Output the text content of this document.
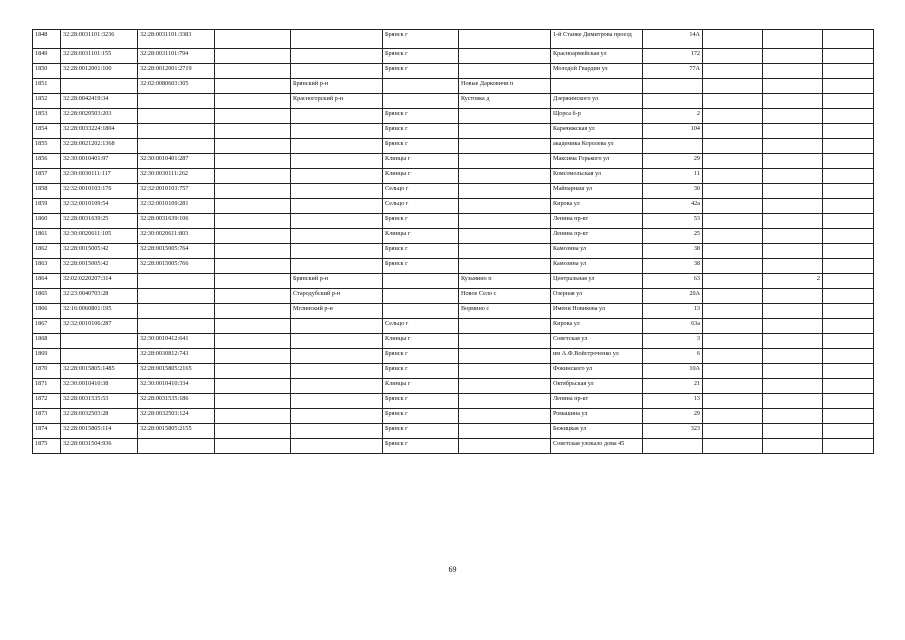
1848	32:28:0031101:3236	32:28:0031101:3383			Брянск г		1-й Станке Димитрова проезд	14А			
1849	32:28:0031101:155	32:28:0031101:794			Брянск г		Красноармейская ул	172			
1850	32:28:0012001:100	32:28:0012001:2719			Брянск г		Молодой Гвардии ул	77А			
1851		32:02:0080603:305		Брянский р-н		Новые Дарковичи п					
1852	32:28:0042419:34			Красногорский р-н		Кустовка д	Дзержинского ул				
1853	32:28:0020503:203				Брянск г		Щорса б-р	2			
1854	32:28:0033224:1804				Брянск г		Карачижская ул	104			
1855	32:28:0021202:1368				Брянск г		академика Королева ул				
1856	32:30:0010401:97	32:30:0010401:287			Клинцы г		Максима Горького ул	29			
1857	32:30:0030111:117	32:30:0030111:262			Клинцы г		Комсомольская ул	11			
1858	32:32:0010103:176	32:32:0010103:757			Сельцо г		Майпарнаш ул	30			
1859	32:32:0010109:54	32:32:0010109:281			Сельцо г		Кирова ул	42а			
1860	32:28:0031639:25	32:28:0031639:106			Брянск г		Ленина пр-кт	53			
1861	32:30:0020611:105	32:30:0020611:803			Клинцы г		Ленина пр-кт	25			
1862	32:28:0015005:42	32:28:0015005:764			Брянск г		Камозина ул	38			
1863	32:28:0015005:42	32:28:0015005:766			Брянск г		Камозина ул	38			
1864	32:02:0220207:314			Брянский р-н		Кузьмино п	Центральная ул	63		2	
1865	32:23:0040703:28			Стародубский р-н		Новое Село с	Озерная ул	20А			
1866	32:16:0060801:195			Мглинский р-н		Вормино с	Имени Новикова ул	13			
1867	32:32:0010106:287				Сельцо г		Кирова ул	63а			
1868		32:30:0010412:641			Клинцы г		Советская ул	3			
1869		32:28:0030812:743			Брянск г		им А.Ф.Войстроченко ул	6			
1870	32:28:0015805:1485	32:28:0015805:2165			Брянск г		Фокинского ул	10А			
1871	32:30:0010410:38	32:30:0010410:334			Клинцы г		Октябрьская ул	21			
1872	32:28:0031535:53	32:28:0031535:186			Брянск г		Ленина пр-кт	13			
1873	32:28:0032503:28	32:28:0032503:124			Брянск г		Ромашина ул	29			
1874	32:28:0015805:114	32:28:0015805:2155			Брянск г		Бежицкая ул	323			
1875	32:28:0031504:936				Брянск г		Советская улокало дома 45				
69
